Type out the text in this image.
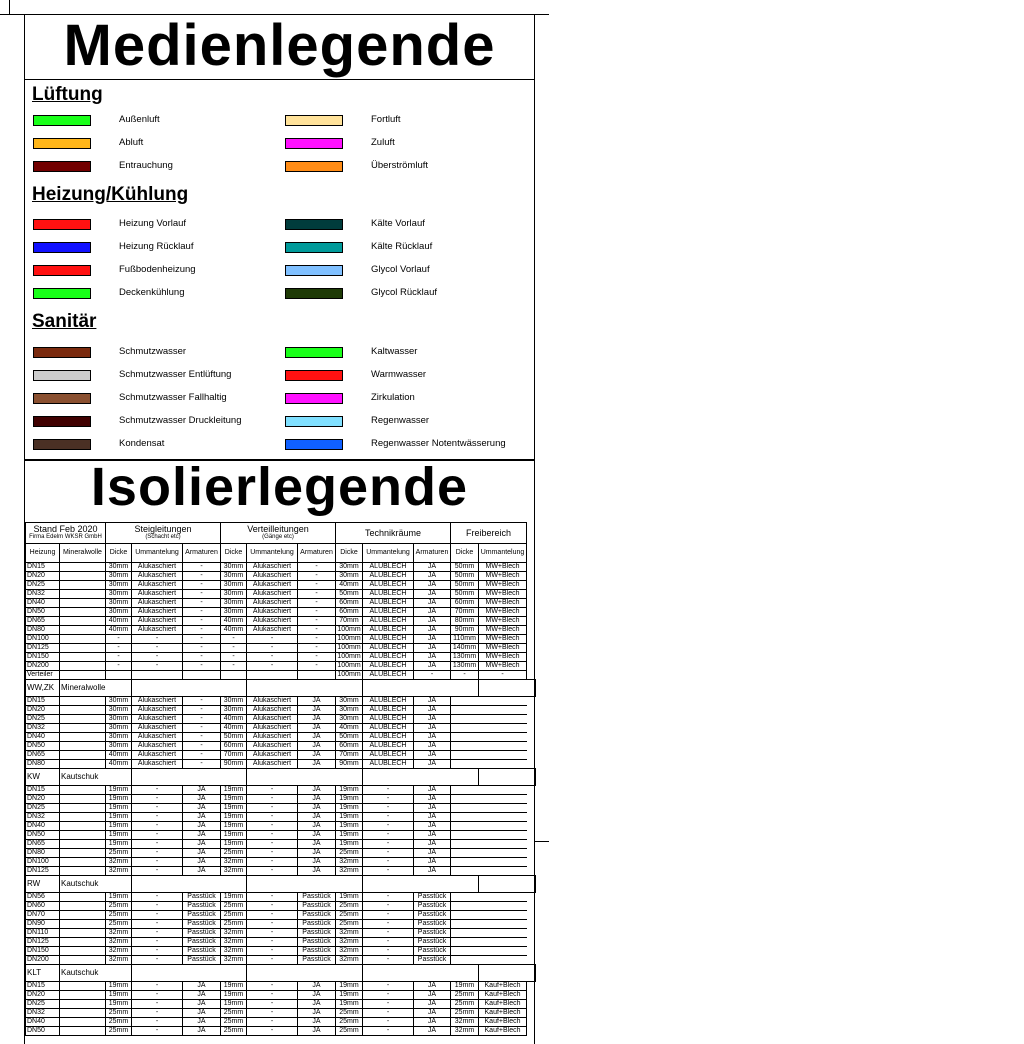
Medienlegende
Lüftung
Außenluft
Abluft
Entrauchung
Fortluft
Zuluft
Überströmluft
Heizung/Kühlung
Heizung Vorlauf
Heizung Rücklauf
Fußbodenheizung
Deckenkühlung
Kälte Vorlauf
Kälte Rücklauf
Glycol Vorlauf
Glycol Rücklauf
Sanitär
Schmutzwasser
Schmutzwasser Entlüftung
Schmutzwasser Fallhaltig
Schmutzwasser Druckleitung
Kondensat
Kaltwasser
Warmwasser
Zirkulation
Regenwasser
Regenwasser Notentwässerung
Isolierlegende
Stand Feb 2020
Firma Edelm WKSR GmbH		Steigleitungen
(Schacht etc)			Verteilleitungen
(Gänge etc)			Technikräume			Freibereich	
Heizung	Mineralwolle	Dicke	Ummantelung	Armaturen	Dicke	Ummantelung	Armaturen	Dicke	Ummantelung	Armaturen	Dicke	Ummantelung
DN15		30mm	Alukaschiert	-	30mm	Alukaschiert	-	30mm	ALUBLECH	JA	50mm	MW+Blech
DN20		30mm	Alukaschiert	-	30mm	Alukaschiert	-	30mm	ALUBLECH	JA	50mm	MW+Blech
DN25		30mm	Alukaschiert	-	30mm	Alukaschiert	-	40mm	ALUBLECH	JA	50mm	MW+Blech
DN32		30mm	Alukaschiert	-	30mm	Alukaschiert	-	50mm	ALUBLECH	JA	50mm	MW+Blech
DN40		30mm	Alukaschiert	-	30mm	Alukaschiert	-	60mm	ALUBLECH	JA	60mm	MW+Blech
DN50		30mm	Alukaschiert	-	30mm	Alukaschiert	-	60mm	ALUBLECH	JA	70mm	MW+Blech
DN65		40mm	Alukaschiert	-	40mm	Alukaschiert	-	70mm	ALUBLECH	JA	80mm	MW+Blech
DN80		40mm	Alukaschiert	-	40mm	Alukaschiert	-	100mm	ALUBLECH	JA	90mm	MW+Blech
DN100		-	-	-	-	-	-	100mm	ALUBLECH	JA	110mm	MW+Blech
DN125		-	-	-	-	-	-	100mm	ALUBLECH	JA	140mm	MW+Blech
DN150		-	-	-	-	-	-	100mm	ALUBLECH	JA	130mm	MW+Blech
DN200		-	-	-	-	-	-	100mm	ALUBLECH	JA	130mm	MW+Blech
Verteiler								100mm	ALUBLECH	-	-	-
WW,ZK	Mineralwolle											
DN15		30mm	Alukaschiert	-	30mm	Alukaschiert	JA	30mm	ALUBLECH	JA		
DN20		30mm	Alukaschiert	-	30mm	Alukaschiert	JA	30mm	ALUBLECH	JA		
DN25		30mm	Alukaschiert	-	40mm	Alukaschiert	JA	30mm	ALUBLECH	JA		
DN32		30mm	Alukaschiert	-	40mm	Alukaschiert	JA	40mm	ALUBLECH	JA		
DN40		30mm	Alukaschiert	-	50mm	Alukaschiert	JA	50mm	ALUBLECH	JA		
DN50		30mm	Alukaschiert	-	60mm	Alukaschiert	JA	60mm	ALUBLECH	JA		
DN65		40mm	Alukaschiert	-	70mm	Alukaschiert	JA	70mm	ALUBLECH	JA		
DN80		40mm	Alukaschiert	-	90mm	Alukaschiert	JA	90mm	ALUBLECH	JA		
KW	Kautschuk											
DN15		19mm	-	JA	19mm	-	JA	19mm	-	JA		
DN20		19mm	-	JA	19mm	-	JA	19mm	-	JA		
DN25		19mm	-	JA	19mm	-	JA	19mm	-	JA		
DN32		19mm	-	JA	19mm	-	JA	19mm	-	JA		
DN40		19mm	-	JA	19mm	-	JA	19mm	-	JA		
DN50		19mm	-	JA	19mm	-	JA	19mm	-	JA		
DN65		19mm	-	JA	19mm	-	JA	19mm	-	JA		
DN80		25mm	-	JA	25mm	-	JA	25mm	-	JA		
DN100		32mm	-	JA	32mm	-	JA	32mm	-	JA		
DN125		32mm	-	JA	32mm	-	JA	32mm	-	JA		
RW	Kautschuk											
DN56		19mm	-	Passtück	19mm	-	Passtück	19mm	-	Passtück		
DN60		25mm	-	Passtück	25mm	-	Passtück	25mm	-	Passtück		
DN70		25mm	-	Passtück	25mm	-	Passtück	25mm	-	Passtück		
DN90		25mm	-	Passtück	25mm	-	Passtück	25mm	-	Passtück		
DN110		32mm	-	Passtück	32mm	-	Passtück	32mm	-	Passtück		
DN125		32mm	-	Passtück	32mm	-	Passtück	32mm	-	Passtück		
DN150		32mm	-	Passtück	32mm	-	Passtück	32mm	-	Passtück		
DN200		32mm	-	Passtück	32mm	-	Passtück	32mm	-	Passtück		
KLT	Kautschuk											
DN15		19mm	-	JA	19mm	-	JA	19mm	-	JA	19mm	Kauf+Blech
DN20		19mm	-	JA	19mm	-	JA	19mm	-	JA	25mm	Kauf+Blech
DN25		19mm	-	JA	19mm	-	JA	19mm	-	JA	25mm	Kauf+Blech
DN32		25mm	-	JA	25mm	-	JA	25mm	-	JA	25mm	Kauf+Blech
DN40		25mm	-	JA	25mm	-	JA	25mm	-	JA	32mm	Kauf+Blech
DN50		25mm	-	JA	25mm	-	JA	25mm	-	JA	32mm	Kauf+Blech
